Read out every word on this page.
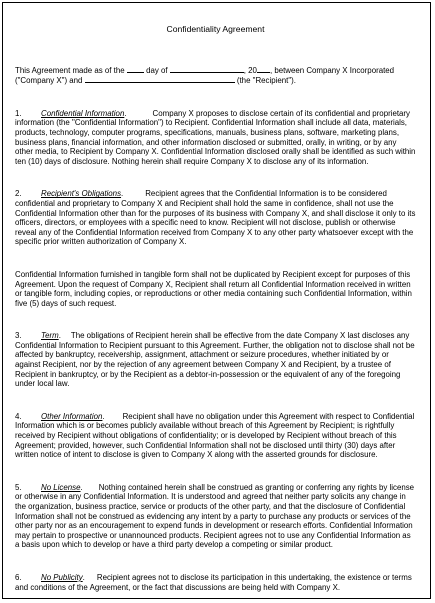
Confidentiality Agreement

This Agreement made as of the	day of	, 20 , between Company X Incorporated ("Company X") and	(the "Recipient").

1. Confidential Information.	Company X proposes to disclose certain of its confidential and proprietary information (the "Confidential Information") to Recipient. Confidential Information shall include all data, materials, products, technology, computer programs, specifications, manuals, business plans, software, marketing plans, business plans, financial information, and other information disclosed or submitted, orally, in writing, or by any other media, to Recipient by Company X. Confidential Information disclosed orally shall be identified as such within ten (10) days of disclosure. Nothing herein shall require Company X to disclose any of its information.

2. Recipient's Obligations.	Recipient agrees that the Confidential Information is to be considered confidential and proprietary to Company X and Recipient shall hold the same in confidence, shall not use the Confidential Information other than for the purposes of its business with Company X, and shall disclose it only to its officers, directors, or employees with a specific need to know. Recipient will not disclose, publish or otherwise reveal any of the Confidential Information received from Company X to any other party whatsoever except with the specific prior written authorization of Company X.

Confidential Information furnished in tangible form shall not be duplicated by Recipient except for purposes of this Agreement. Upon the request of Company X, Recipient shall return all Confidential Information received in written or tangible form, including copies, or reproductions or other media containing such Confidential Information, within five (5) days of such request.

3. Term. The obligations of Recipient herein shall be effective from the date Company X last discloses any Confidential Information to Recipient pursuant to this Agreement. Further, the obligation not to disclose shall not be affected by bankruptcy, receivership, assignment, attachment or seizure procedures, whether initiated by or against Recipient, nor by the rejection of any agreement between Company X and Recipient, by a trustee of Recipient in bankruptcy, or by the Recipient as a debtor-in-possession or the equivalent of any of the foregoing under local law.

4. Other Information. Recipient shall have no obligation under this Agreement with respect to Confidential Information which is or becomes publicly available without breach of this Agreement by Recipient; is rightfully received by Recipient without obligations of confidentiality; or is developed by Recipient without breach of this Agreement; provided, however, such Confidential Information shall not be disclosed until thirty (30) days after written notice of intent to disclose is given to Company X along with the asserted grounds for disclosure.

5. No License. Nothing contained herein shall be construed as granting or conferring any rights by license or otherwise in any Confidential Information. It is understood and agreed that neither party solicits any change in the organization, business practice, service or products of the other party, and that the disclosure of Confidential Information shall not be construed as evidencing any intent by a party to purchase any products or services of the other party nor as an encouragement to expend funds in development or research efforts. Confidential Information may pertain to prospective or unannounced products. Recipient agrees not to use any Confidential Information as a basis upon which to develop or have a third party develop a competing or similar product.

6. No Publicity. Recipient agrees not to disclose its participation in this undertaking, the existence or terms and conditions of the Agreement, or the fact that discussions are being held with Company X.
